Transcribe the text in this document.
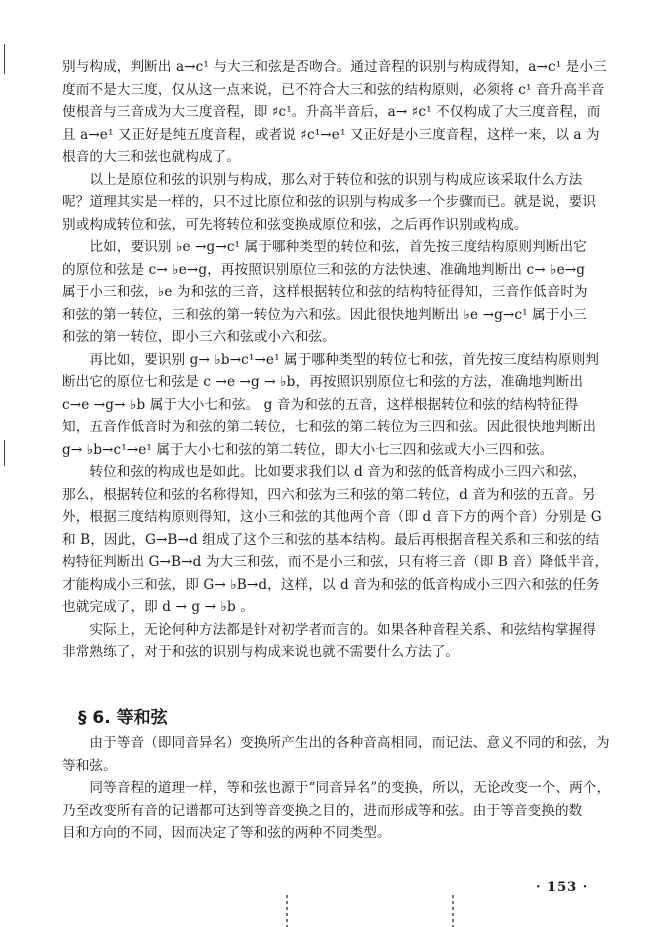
别与构成，判断出 a→c¹ 与大三和弦是否吻合。通过音程的识别与构成得知，a→c¹ 是小三
度而不是大三度，仅从这一点来说，已不符合大三和弦的结构原则，必须将 c¹ 音升高半音
使根音与三音成为大三度音程，即 ♯c¹。升高半音后，a→ ♯c¹ 不仅构成了大三度音程，而
且 a→e¹ 又正好是纯五度音程，或者说 ♯c¹→e¹ 又正好是小三度音程，这样一来，以 a 为
根音的大三和弦也就构成了。
　　以上是原位和弦的识别与构成，那么对于转位和弦的识别与构成应该采取什么方法
呢？道理其实是一样的，只不过比原位和弦的识别与构成多一个步骤而已。就是说，要识
别或构成转位和弦，可先将转位和弦变换成原位和弦，之后再作识别或构成。
　　比如，要识别 ♭e →g→c¹ 属于哪种类型的转位和弦，首先按三度结构原则判断出它
的原位和弦是 c→ ♭e→g，再按照识别原位三和弦的方法快速、准确地判断出 c→ ♭e→g
属于小三和弦，♭e 为和弦的三音，这样根据转位和弦的结构特征得知，三音作低音时为
和弦的第一转位，三和弦的第一转位为六和弦。因此很快地判断出 ♭e →g→c¹ 属于小三
和弦的第一转位，即小三六和弦或小六和弦。
　　再比如，要识别 g→ ♭b→c¹→e¹ 属于哪种类型的转位七和弦，首先按三度结构原则判
断出它的原位七和弦是 c →e →g → ♭b，再按照识别原位七和弦的方法，准确地判断出
c→e →g→ ♭b 属于大小七和弦。 g 音为和弦的五音，这样根据转位和弦的结构特征得
知，五音作低音时为和弦的第二转位，七和弦的第二转位为三四和弦。因此很快地判断出
g→ ♭b→c¹→e¹ 属于大小七和弦的第二转位，即大小七三四和弦或大小三四和弦。
　　转位和弦的构成也是如此。比如要求我们以 d 音为和弦的低音构成小三四六和弦，
那么，根据转位和弦的名称得知，四六和弦为三和弦的第二转位，d 音为和弦的五音。另
外，根据三度结构原则得知，这小三和弦的其他两个音（即 d 音下方的两个音）分别是 G
和 B，因此，G→B→d 组成了这个三和弦的基本结构。最后再根据音程关系和三和弦的结
构特征判断出 G→B→d 为大三和弦，而不是小三和弦，只有将三音（即 B 音）降低半音，
才能构成小三和弦，即 G→ ♭B→d，这样，以 d 音为和弦的低音构成小三四六和弦的任务
也就完成了，即 d → g → ♭b 。
　　实际上，无论何种方法都是针对初学者而言的。如果各种音程关系、和弦结构掌握得
非常熟练了，对于和弦的识别与构成来说也就不需要什么方法了。
§ 6. 等和弦
　　由于等音（即同音异名）变换所产生出的各种音高相同，而记法、意义不同的和弦，为
等和弦。
　　同等音程的道理一样，等和弦也源于“同音异名”的变换，所以，无论改变一个、两个，
乃至改变所有音的记谱都可达到等音变换之目的，进而形成等和弦。由于等音变换的数
目和方向的不同，因而决定了等和弦的两种不同类型。
· 153 ·
